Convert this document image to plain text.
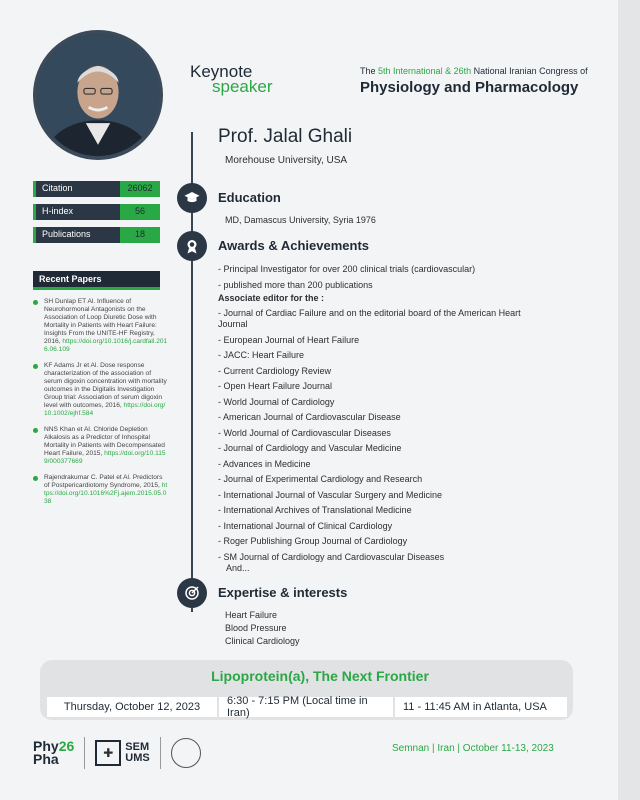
Keynote
speaker
The 5th International & 26th National Iranian Congress of
Physiology and Pharmacology
Prof. Jalal Ghali
Morehouse University, USA
Education
MD, Damascus University, Syria 1976
Awards & Achievements
- Principal Investigator for over 200 clinical trials (cardiovascular)
- published more than 200 publications
Associate editor for the :
- Journal of Cardiac Failure and on the editorial board of the American Heart Journal
- European Journal of Heart Failure
- JACC: Heart Failure
- Current Cardiology Review
- Open Heart Failure Journal
- World Journal of Cardiology
- American Journal of Cardiovascular Disease
- World Journal of Cardiovascular Diseases
- Journal of Cardiology and Vascular Medicine
- Advances in Medicine
- Journal of Experimental Cardiology and Research
- International Journal of Vascular Surgery and Medicine
- International Archives of Translational Medicine
- International Journal of Clinical Cardiology
- Roger Publishing Group Journal of Cardiology
- SM Journal of Cardiology and Cardiovascular Diseases
And...
Expertise & interests
Heart Failure
Blood Pressure
Clinical Cardiology
Citation	26062
H-index	56
Publications	18
Recent Papers
SH Dunlap ET Al. Influence of Neurohormonal Antagonists on the Association of Loop Diuretic Dose with Mortality in Patients with Heart Failure: Insights From the UNITE-HF Registry, 2016, https://doi.org/10.1016/j.cardfail.2016.06.109
KF Adams Jr et Al. Dose response characterization of the association of serum digoxin concentration with mortality outcomes in the Digitalis Investigation Group trial: Association of serum digoxin level with outcomes, 2016, https://doi.org/10.1002/ejhf.584
NNS Khan et Al. Chloride Depletion Alkalosis as a Predictor of Inhospital Mortality in Patients with Decompensated Heart Failure, 2015, https://doi.org/10.1159/000377669
Rajendrakumar C. Patel et Al. Predictors of Postpericardiotomy Syndrome, 2015, https://doi.org/10.1016%2Fj.ajem.2015.05.038
Lipoprotein(a), The Next Frontier
Thursday, October 12, 2023	6:30 - 7:15 PM (Local time in Iran)	11 - 11:45 AM in Atlanta, USA
Phy26
Pha	✚	SEM
UMS
Semnan | Iran | October 11-13, 2023
